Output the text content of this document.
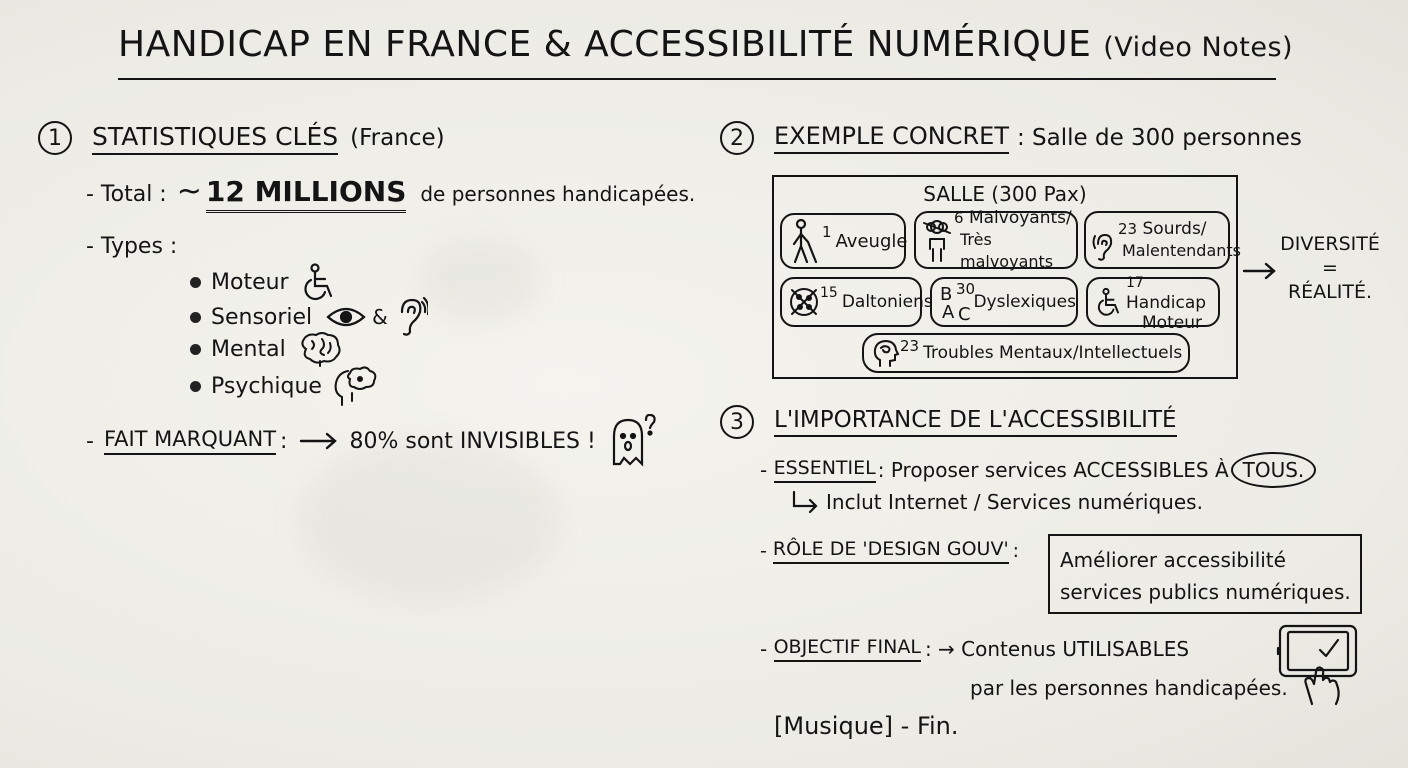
HANDICAP EN FRANCE & ACCESSIBILITÉ NUMÉRIQUE (Video Notes)
1	STATISTIQUES CLÉS (France)
- Total : ~ 12 MILLIONS de personnes handicapées.
- Types :
Moteur
Sensoriel	&
Mental
Psychique
- FAIT MARQUANT :	80% sont INVISIBLES !
2	EXEMPLE CONCRET : Salle de 300 personnes
SALLE (300 Pax)
1 Aveugle
6 Malvoyants/
Très malvoyants
23 Sourds/
Malentendants
15 Daltoniens B 30
A C
Dyslexiques
17 Handicap
Moteur
23 Troubles Mentaux/Intellectuels
DIVERSITÉ
=
RÉALITÉ.
3	L'IMPORTANCE DE L'ACCESSIBILITÉ
- ESSENTIEL : Proposer services ACCESSIBLES À TOUS.
Inclut Internet / Services numériques.
- RÔLE DE 'DESIGN GOUV' : Améliorer accessibilité
services publics numériques.
- OBJECTIF FINAL : → Contenus UTILISABLES
par les personnes handicapées.
[Musique] - Fin.
